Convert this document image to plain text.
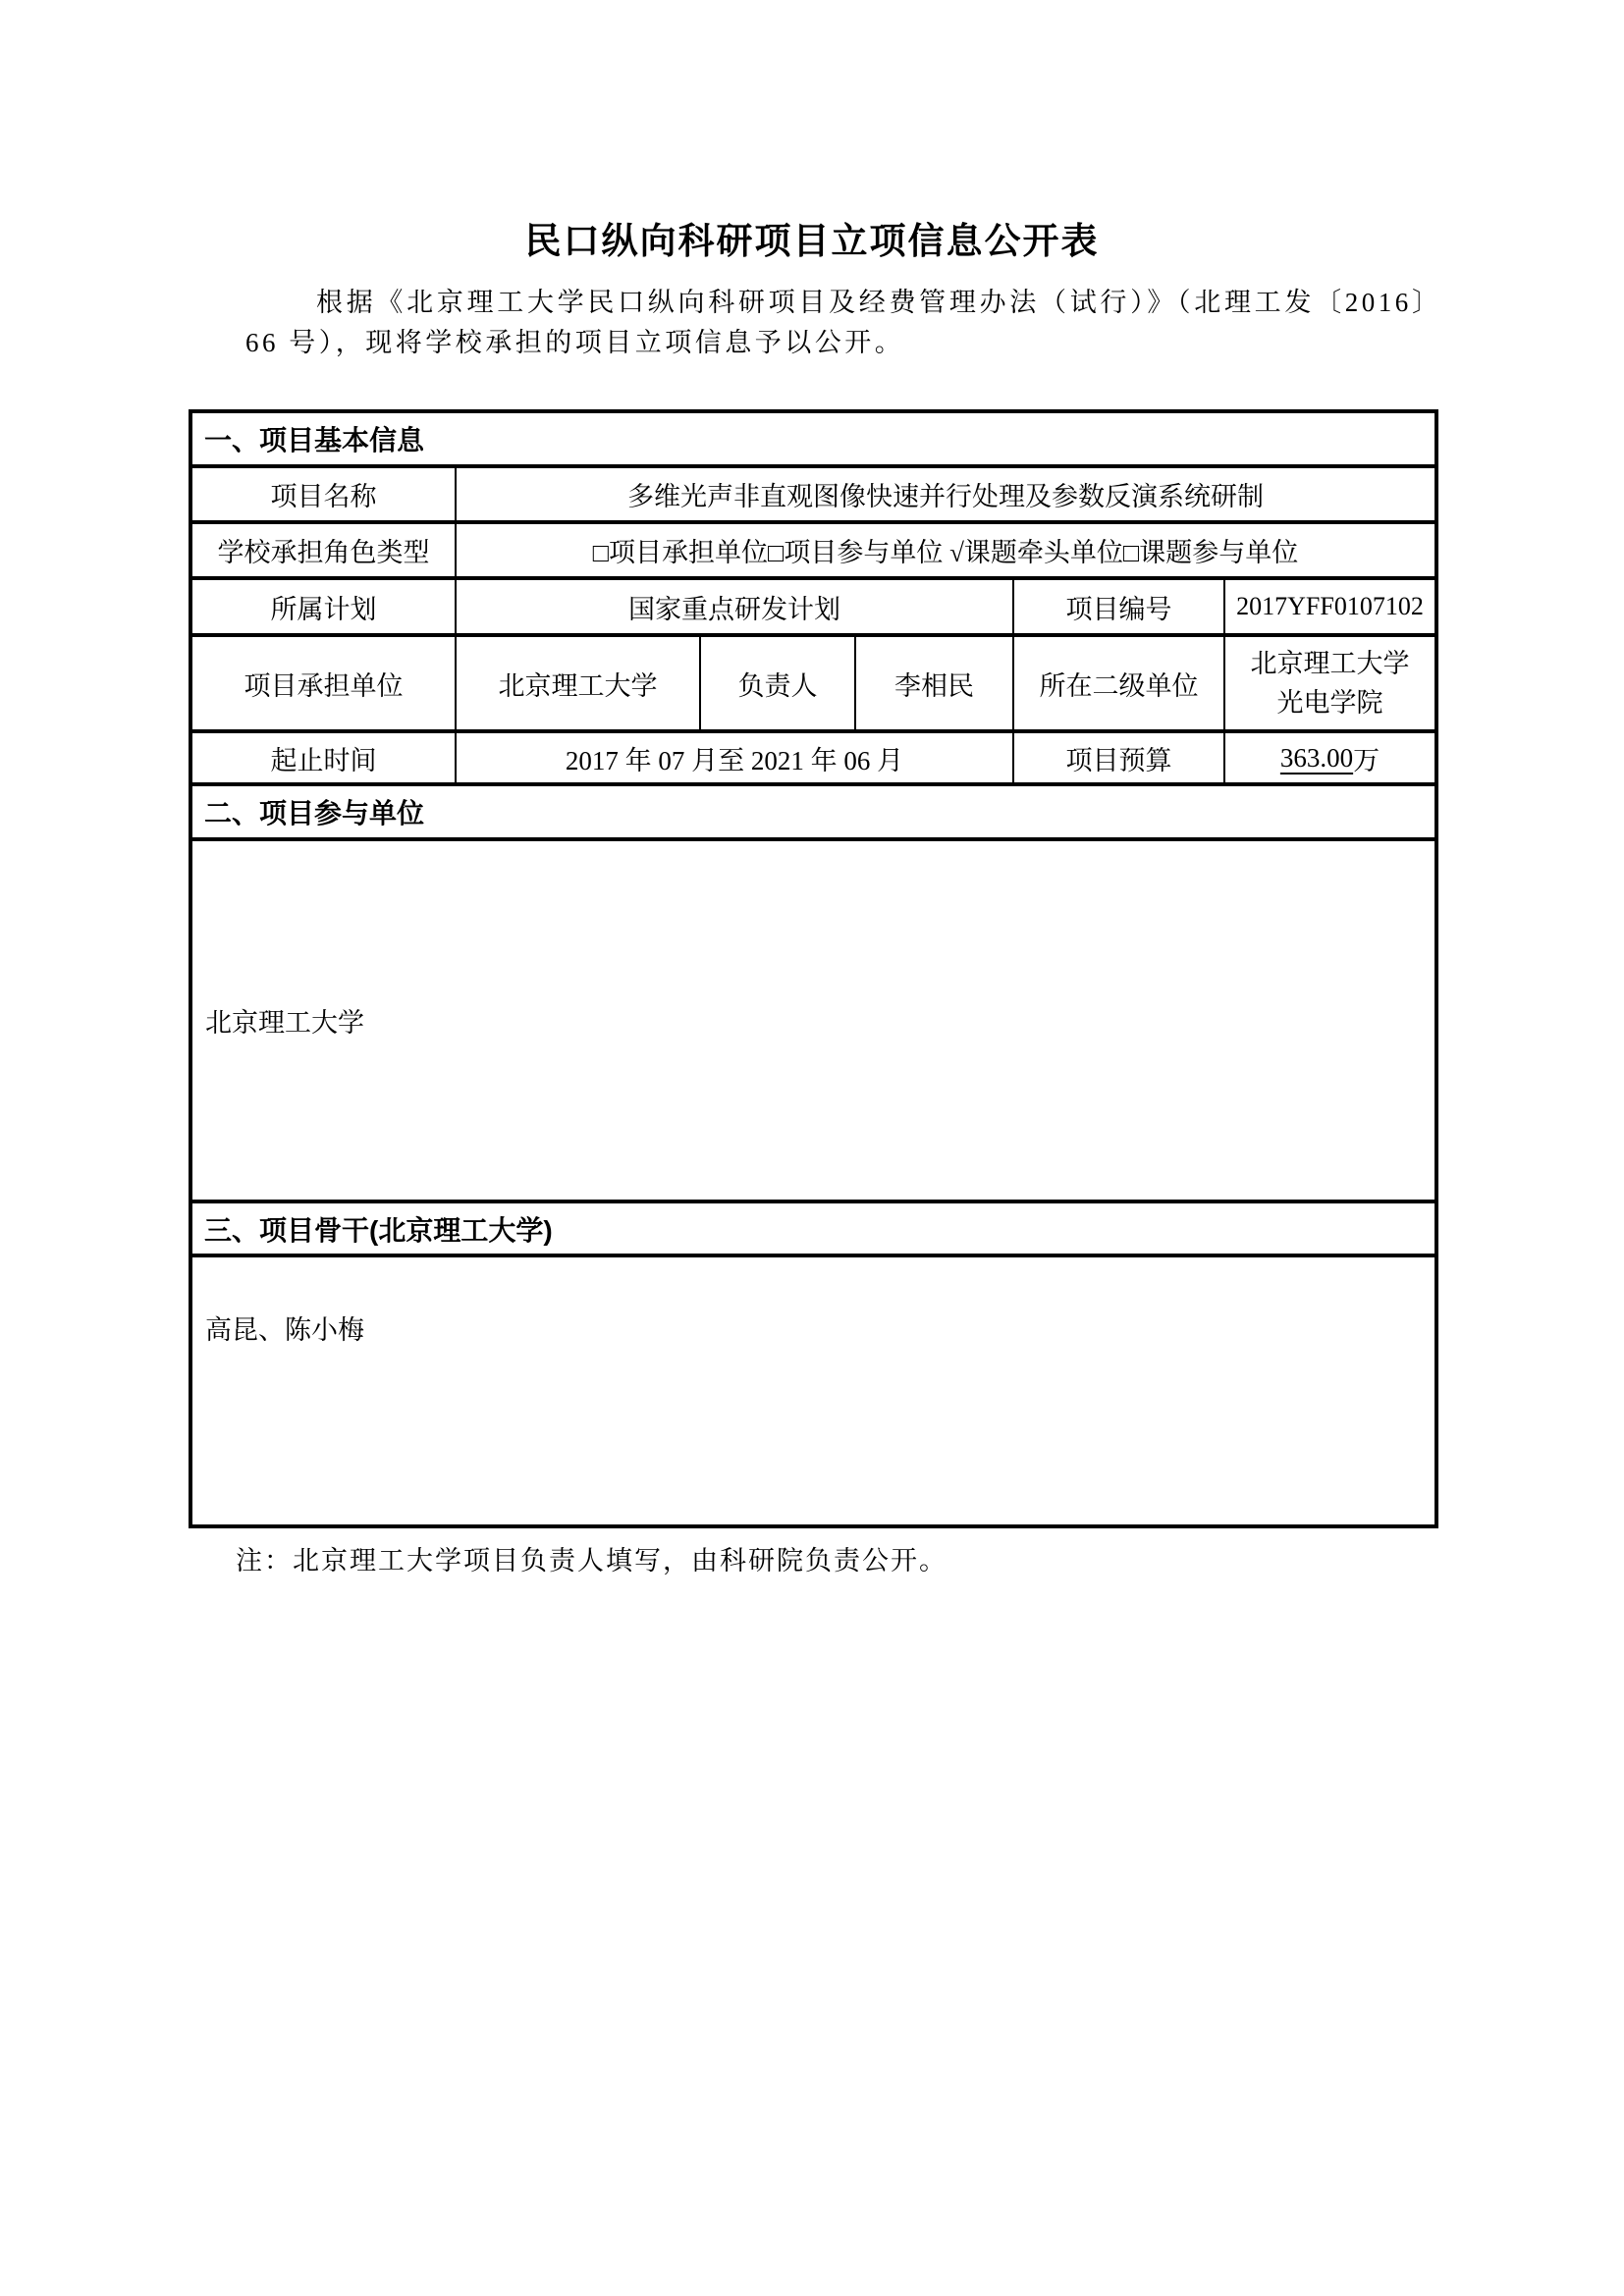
民口纵向科研项目立项信息公开表

根据《北京理工大学民口纵向科研项目及经费管理办法（试行）》（北理工发〔2016〕66 号），现将学校承担的项目立项信息予以公开。

一、项目基本信息
项目名称	多维光声非直观图像快速并行处理及参数反演系统研制
学校承担角色类型	□项目承担单位□项目参与单位 √课题牵头单位□课题参与单位
所属计划	国家重点研发计划	项目编号	2017YFF0107102
项目承担单位	北京理工大学	负责人	李相民	所在二级单位
北京理工大学
光电学院
起止时间	2017 年 07 月至 2021 年 06 月	项目预算	363.00 万
二、项目参与单位
北京理工大学
三、项目骨干(北京理工大学)
高昆、陈小梅

注：北京理工大学项目负责人填写，由科研院负责公开。
